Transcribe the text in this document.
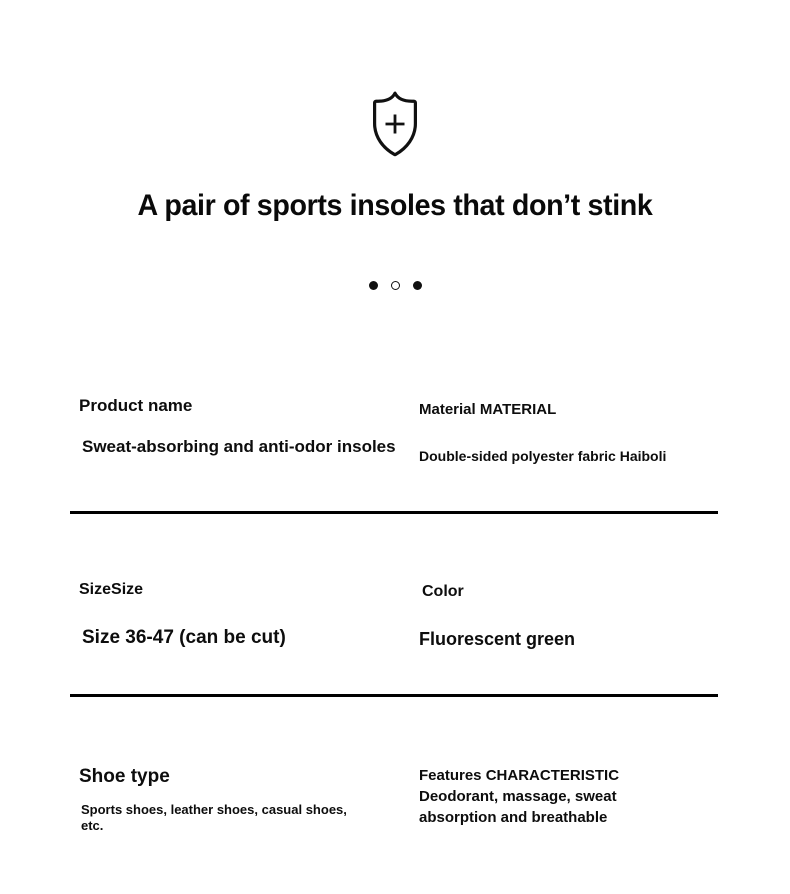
A pair of sports insoles that don’t stink
Product name
Sweat-absorbing and anti-odor insoles
Material MATERIAL
Double-sided polyester fabric Haiboli
SizeSize
Size 36-47 (can be cut)
Color
Fluorescent green
Shoe type
Sports shoes, leather shoes, casual shoes, etc.
Features CHARACTERISTIC
Deodorant, massage, sweat absorption and breathable
